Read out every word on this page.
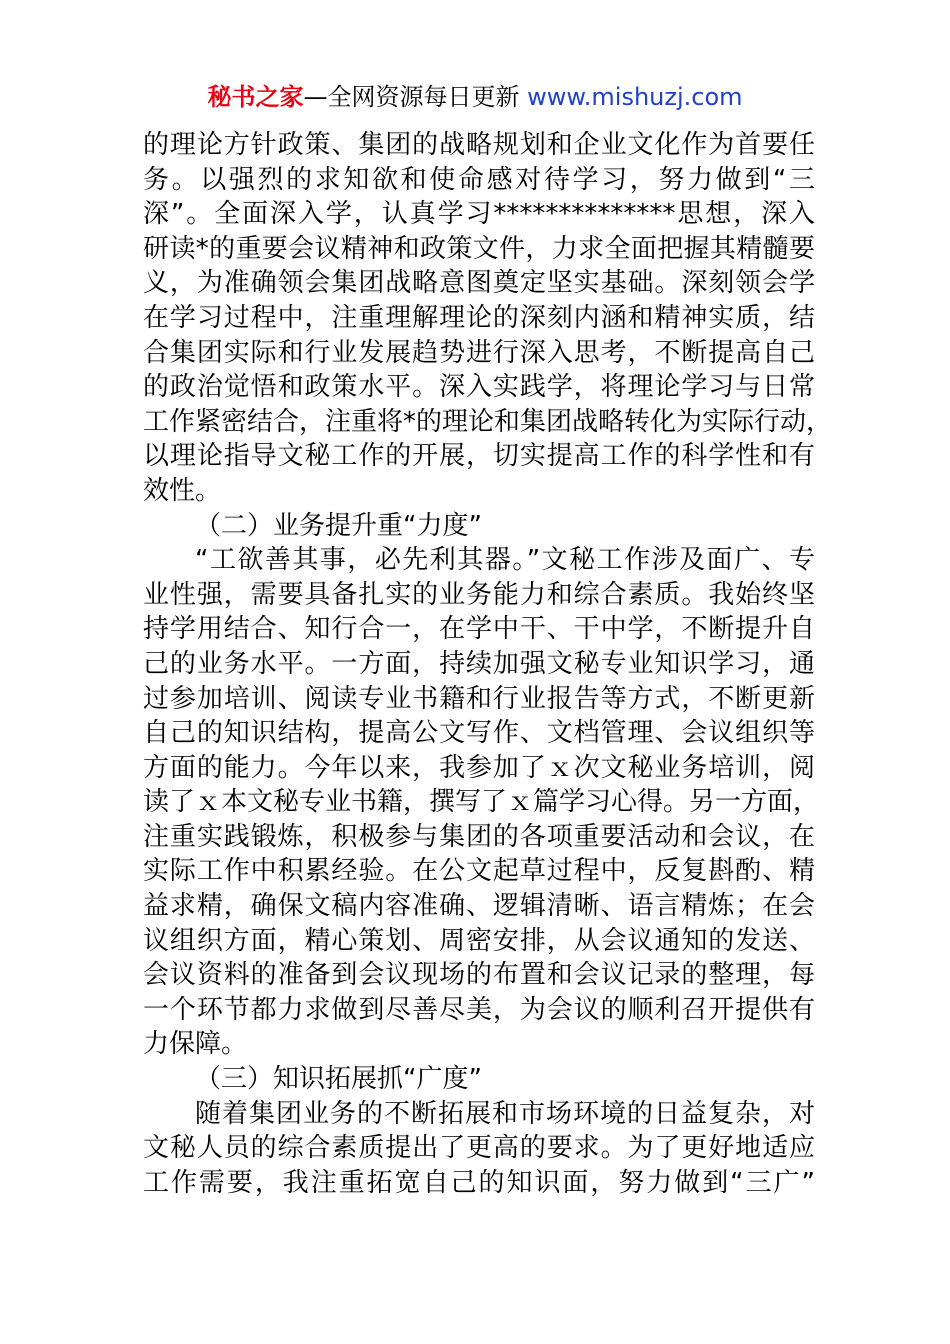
秘书之家—全网资源每日更新 www.mishuzj.com
的理论方针政策、集团的战略规划和企业文化作为首要任
务。以强烈的求知欲和使命感对待学习，努力做到“三
深”。全面深入学，认真学习**************思想，深入
研读*的重要会议精神和政策文件，力求全面把握其精髓要
义，为准确领会集团战略意图奠定坚实基础。深刻领会学
在学习过程中，注重理解理论的深刻内涵和精神实质，结
合集团实际和行业发展趋势进行深入思考，不断提高自己
的政治觉悟和政策水平。深入实践学，将理论学习与日常
工作紧密结合，注重将*的理论和集团战略转化为实际行动，
以理论指导文秘工作的开展，切实提高工作的科学性和有
效性。
（二）业务提升重“力度”
“工欲善其事，必先利其器。”文秘工作涉及面广、专
业性强，需要具备扎实的业务能力和综合素质。我始终坚
持学用结合、知行合一，在学中干、干中学，不断提升自
己的业务水平。一方面，持续加强文秘专业知识学习，通
过参加培训、阅读专业书籍和行业报告等方式，不断更新
自己的知识结构，提高公文写作、文档管理、会议组织等
方面的能力。今年以来，我参加了ｘ次文秘业务培训，阅
读了ｘ本文秘专业书籍，撰写了ｘ篇学习心得。另一方面，
注重实践锻炼，积极参与集团的各项重要活动和会议，在
实际工作中积累经验。在公文起草过程中，反复斟酌、精
益求精，确保文稿内容准确、逻辑清晰、语言精炼；在会
议组织方面，精心策划、周密安排，从会议通知的发送、
会议资料的准备到会议现场的布置和会议记录的整理，每
一个环节都力求做到尽善尽美，为会议的顺利召开提供有
力保障。
（三）知识拓展抓“广度”
随着集团业务的不断拓展和市场环境的日益复杂，对
文秘人员的综合素质提出了更高的要求。为了更好地适应
工作需要，我注重拓宽自己的知识面，努力做到“三广”
